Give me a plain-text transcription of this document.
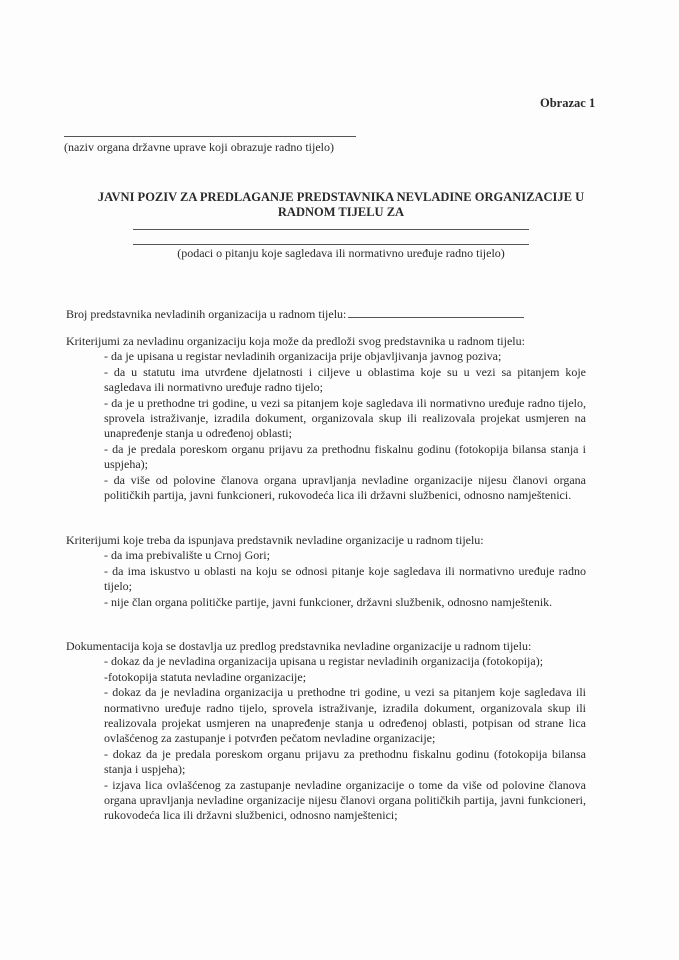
Obrazac 1
(naziv organa državne uprave koji obrazuje radno tijelo)
JAVNI POZIV ZA PREDLAGANJE PREDSTAVNIKA NEVLADINE ORGANIZACIJE U
RADNOM TIJELU ZA
(podaci o pitanju koje sagledava ili normativno uređuje radno tijelo)
Broj predstavnika nevladinih organizacija u radnom tijelu:

Kriterijumi za nevladinu organizaciju koja može da predloži svog predstavnika u radnom tijelu:

- da je upisana u registar nevladinih organizacija prije objavljivanja javnog poziva;
- da u statutu ima utvrđene djelatnosti i ciljeve u oblastima koje su u vezi sa pitanjem koje sagledava ili normativno uređuje radno tijelo;
- da je u prethodne tri godine, u vezi sa pitanjem koje sagledava ili normativno uređuje radno tijelo, sprovela istraživanje, izradila dokument, organizovala skup ili realizovala projekat usmjeren na unapređenje stanja u određenoj oblasti;
- da je predala poreskom organu prijavu za prethodnu fiskalnu godinu (fotokopija bilansa stanja i uspjeha);
- da više od polovine članova organa upravljanja nevladine organizacije nijesu članovi organa političkih partija, javni funkcioneri, rukovodeća lica ili državni službenici, odnosno namještenici.

Kriterijumi koje treba da ispunjava predstavnik nevladine organizacije u radnom tijelu:

- da ima prebivalište u Crnoj Gori;
- da ima iskustvo u oblasti na koju se odnosi pitanje koje sagledava ili normativno uređuje radno tijelo;
- nije član organa političke partije, javni funkcioner, državni službenik, odnosno namještenik.

Dokumentacija koja se dostavlja uz predlog predstavnika nevladine organizacije u radnom tijelu:

- dokaz da je nevladina organizacija upisana u registar nevladinih organizacija (fotokopija);
-fotokopija statuta nevladine organizacije;
- dokaz da je nevladina organizacija u prethodne tri godine, u vezi sa pitanjem koje sagledava ili normativno uređuje radno tijelo, sprovela istraživanje, izradila dokument, organizovala skup ili realizovala projekat usmjeren na unapređenje stanja u određenoj oblasti, potpisan od strane lica ovlašćenog za zastupanje i potvrđen pečatom nevladine organizacije;
- dokaz da je predala poreskom organu prijavu za prethodnu fiskalnu godinu (fotokopija bilansa stanja i uspjeha);
- izjava lica ovlašćenog za zastupanje nevladine organizacije o tome da više od polovine članova organa upravljanja nevladine organizacije nijesu članovi organa političkih partija, javni funkcioneri, rukovodeća lica ili državni službenici, odnosno namještenici;
